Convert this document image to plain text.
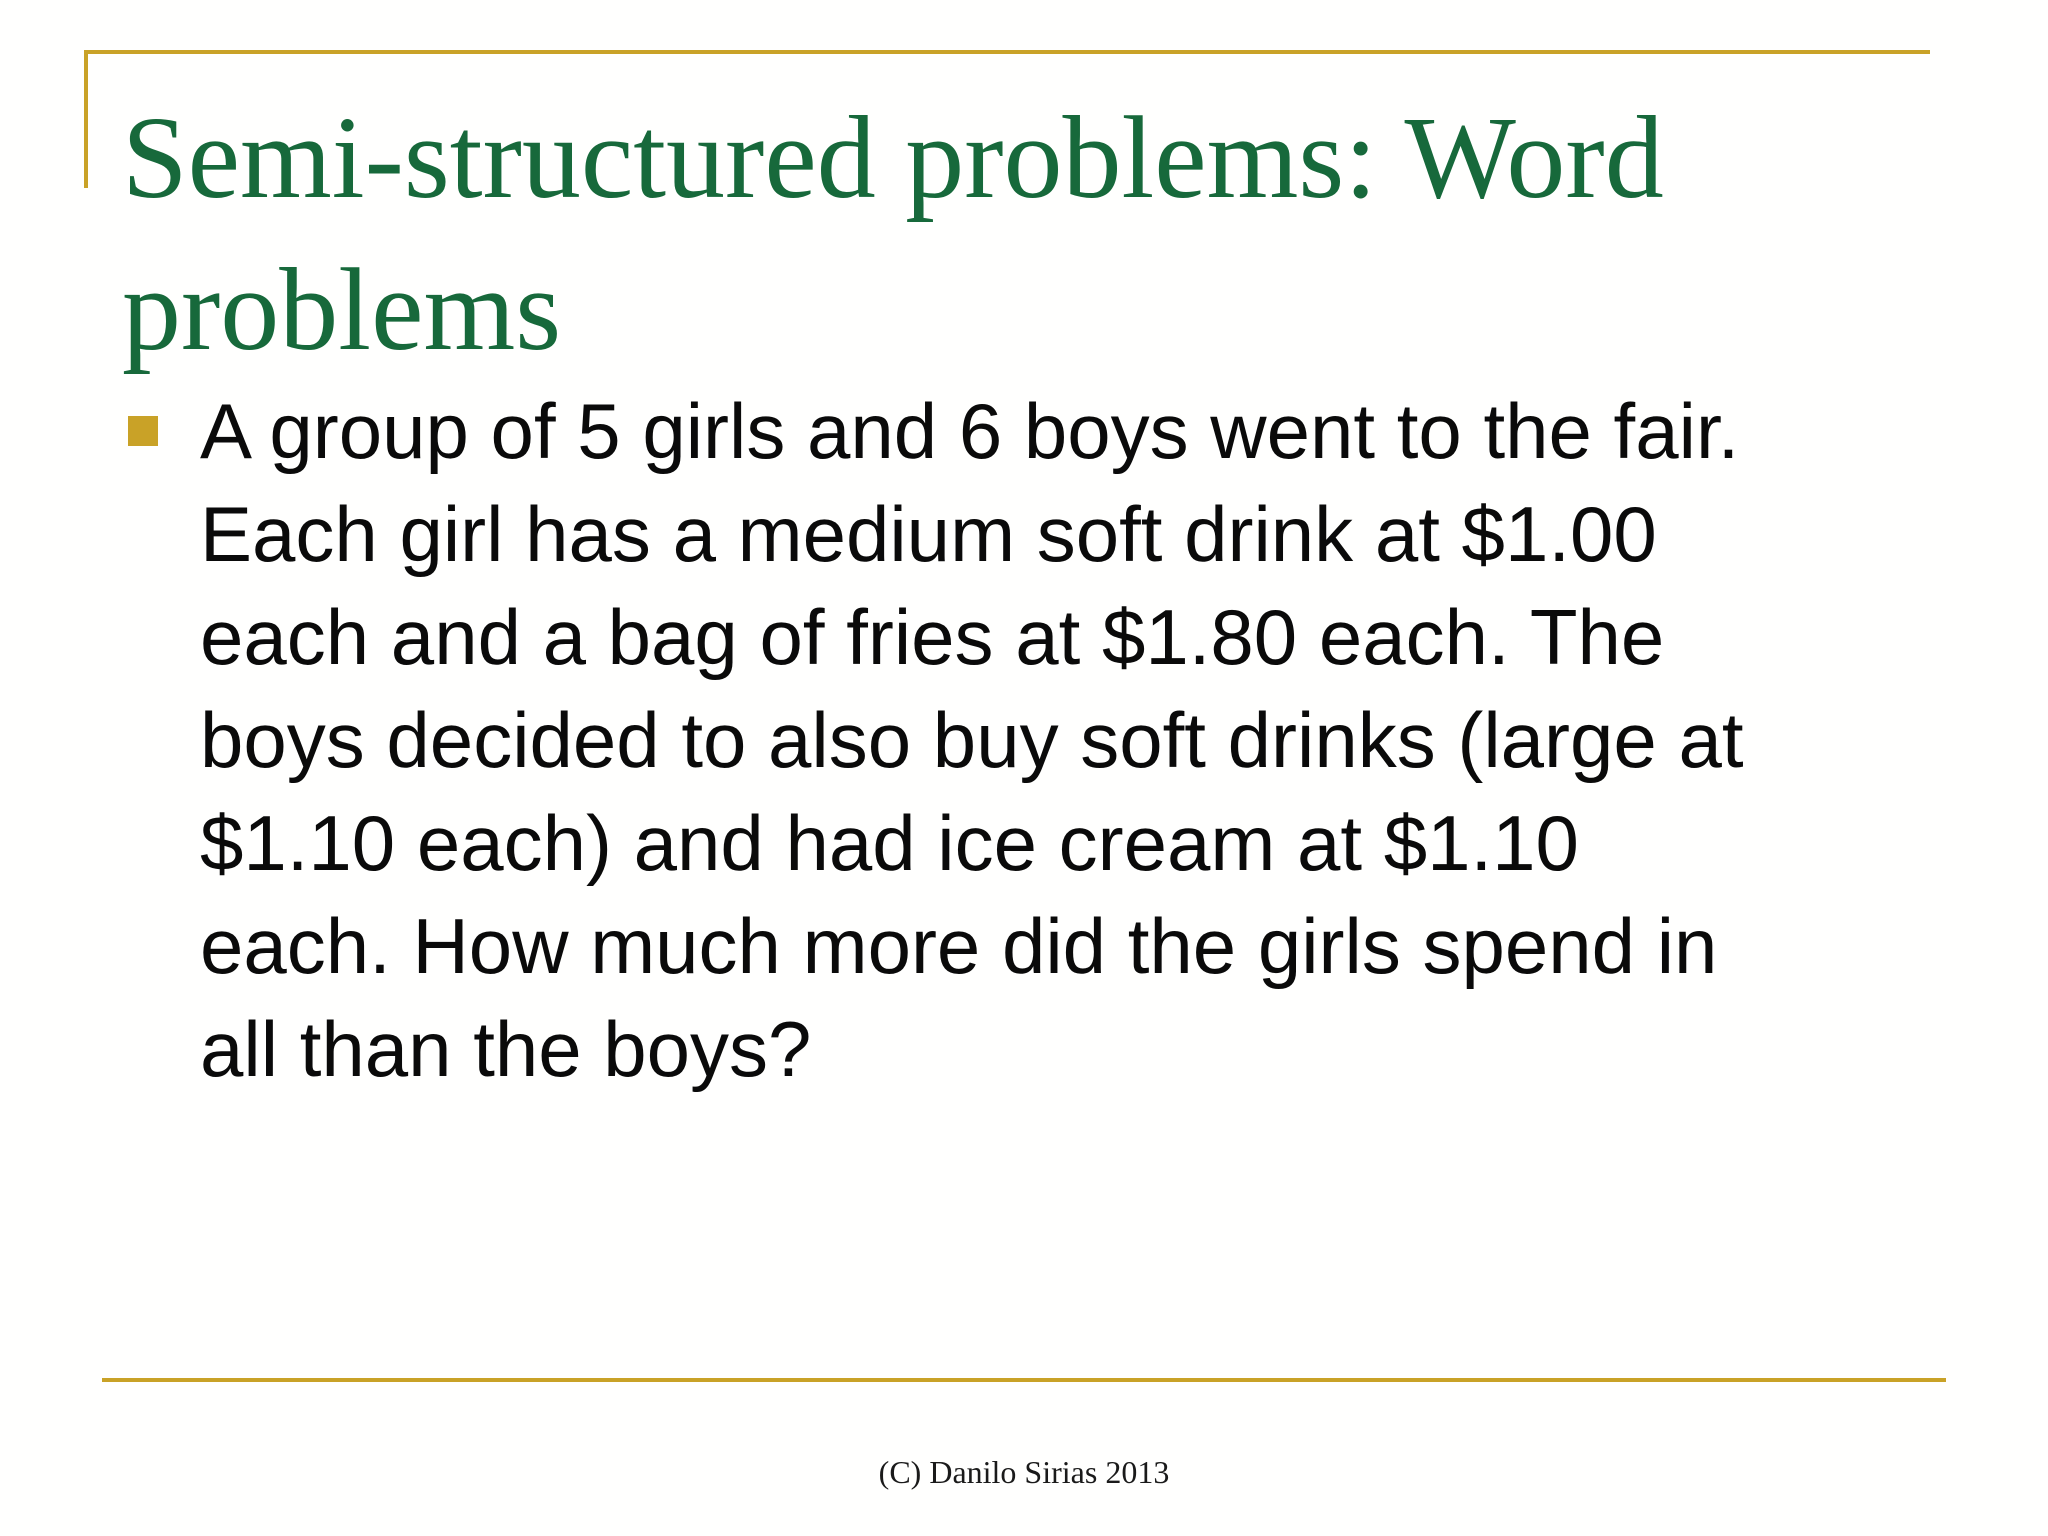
Semi-structured problems: Word problems

A group of 5 girls and 6 boys went to the fair.
Each girl has a medium soft drink at $1.00
each and a bag of fries at $1.80 each. The
boys decided to also buy soft drinks (large at
$1.10 each) and had ice cream at $1.10
each. How much more did the girls spend in
all than the boys?

(C) Danilo Sirias 2013
